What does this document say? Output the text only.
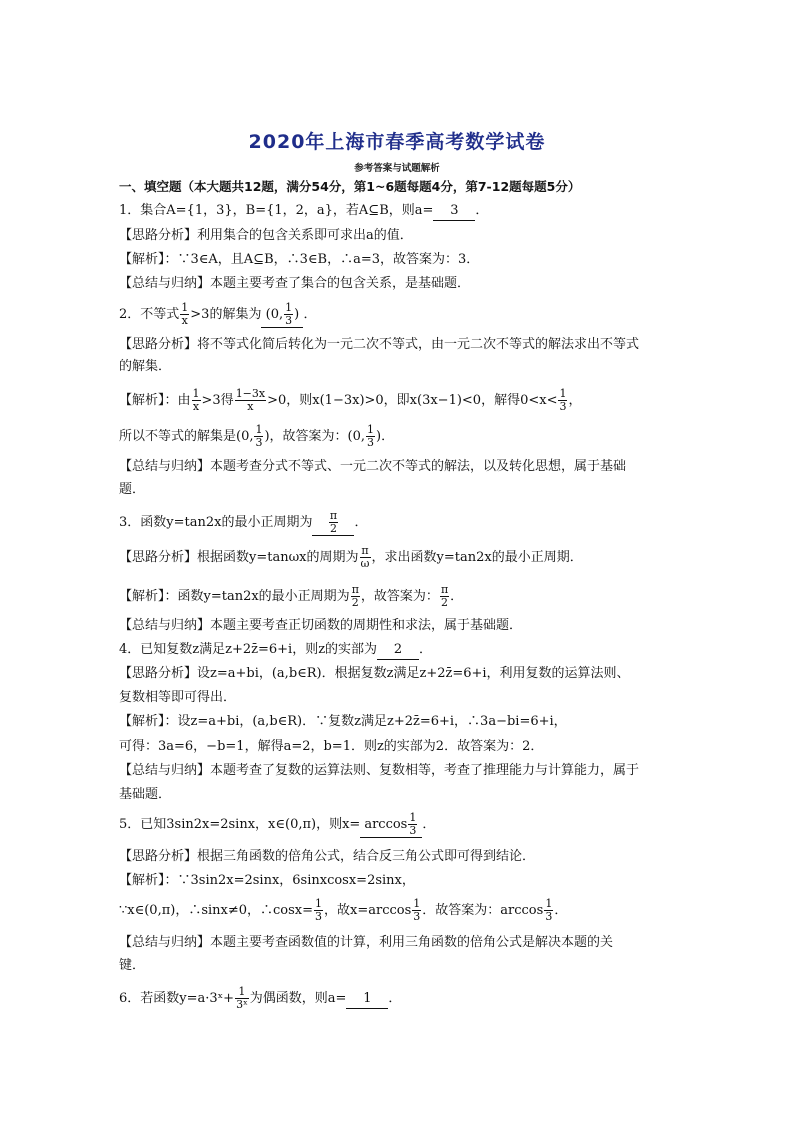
2020年上海市春季高考数学试卷
参考答案与试题解析
一、填空题（本大题共12题，满分54分，第1~6题每题4分，第7-12题每题5分）
1．集合A={1，3}，B={1，2，a}，若A⊆B，则a= 3 ．
【思路分析】利用集合的包含关系即可求出a的值．
【解析】：∵3∈A，且A⊆B，∴3∈B，∴a=3，故答案为：3．
【总结与归纳】本题主要考查了集合的包含关系，是基础题．
2．不等式 $\frac{1}{x} >3$的解集为 (0, $\frac{1}{3}$ ) ．
【思路分析】将不等式化简后转化为一元二次不等式，由一元二次不等式的解法求出不等式
的解集．
【解析】：由 $\frac{1}{x} >3$得 $\frac{1-3x}{x} >0$，则x(1−3x)>0，即x(3x−1)<0，解得$0<x< \frac{1}{3}$ ，
所以不等式的解集是(0, $\frac{1}{3}$ )，故答案为：(0, $\frac{1}{3}$ )．
【总结与归纳】本题考查分式不等式、一元二次不等式的解法，以及转化思想，属于基础
题．
3．函数y=tan2x的最小正周期为 $\frac{\pi}{2}$ ．
【思路分析】根据函数y=tanωx的周期为 $\frac{\pi}{\omega}$ ，求出函数y=tan2x的最小正周期．
【解析】：函数y=tan2x的最小正周期为 $\frac{\pi}{2}$ ，故答案为： $\frac{\pi}{2}$ ．
【总结与归纳】本题主要考查正切函数的周期性和求法，属于基础题．
4．已知复数z满足z+2z̄=6+i，则z的实部为 2 ．
【思路分析】设z=a+bi，(a,b∈R)．根据复数z满足z+2z̄=6+i，利用复数的运算法则、
复数相等即可得出．
【解析】：设z=a+bi，(a,b∈R)．∵复数z满足z+2z̄=6+i，∴3a−bi=6+i，
可得：3a=6，−b=1，解得a=2，b=1．则z的实部为2．故答案为：2．
【总结与归纳】本题考查了复数的运算法则、复数相等，考查了推理能力与计算能力，属于
基础题．
5．已知3sin2x=2sinx，x∈(0,π)，则$x= \arccos \frac{1}{3}$ ．
【思路分析】根据三角函数的倍角公式，结合反三角公式即可得到结论．
【解析】：∵3sin2x=2sinx，6sinxcosx=2sinx，
∵x∈(0,π)，∴sinx≠0，∴cosx= $\frac{1}{3}$ ，故$x=\arccos \frac{1}{3}$ ．故答案为：$\arccos \frac{1}{3}$ ．
【总结与归纳】本题主要考查函数值的计算，利用三角函数的倍角公式是解决本题的关
键．
6．若函数y=a·3ˣ+ $\frac{1}{\text{3ˣ}}$ 为偶函数，则a= 1 ．
